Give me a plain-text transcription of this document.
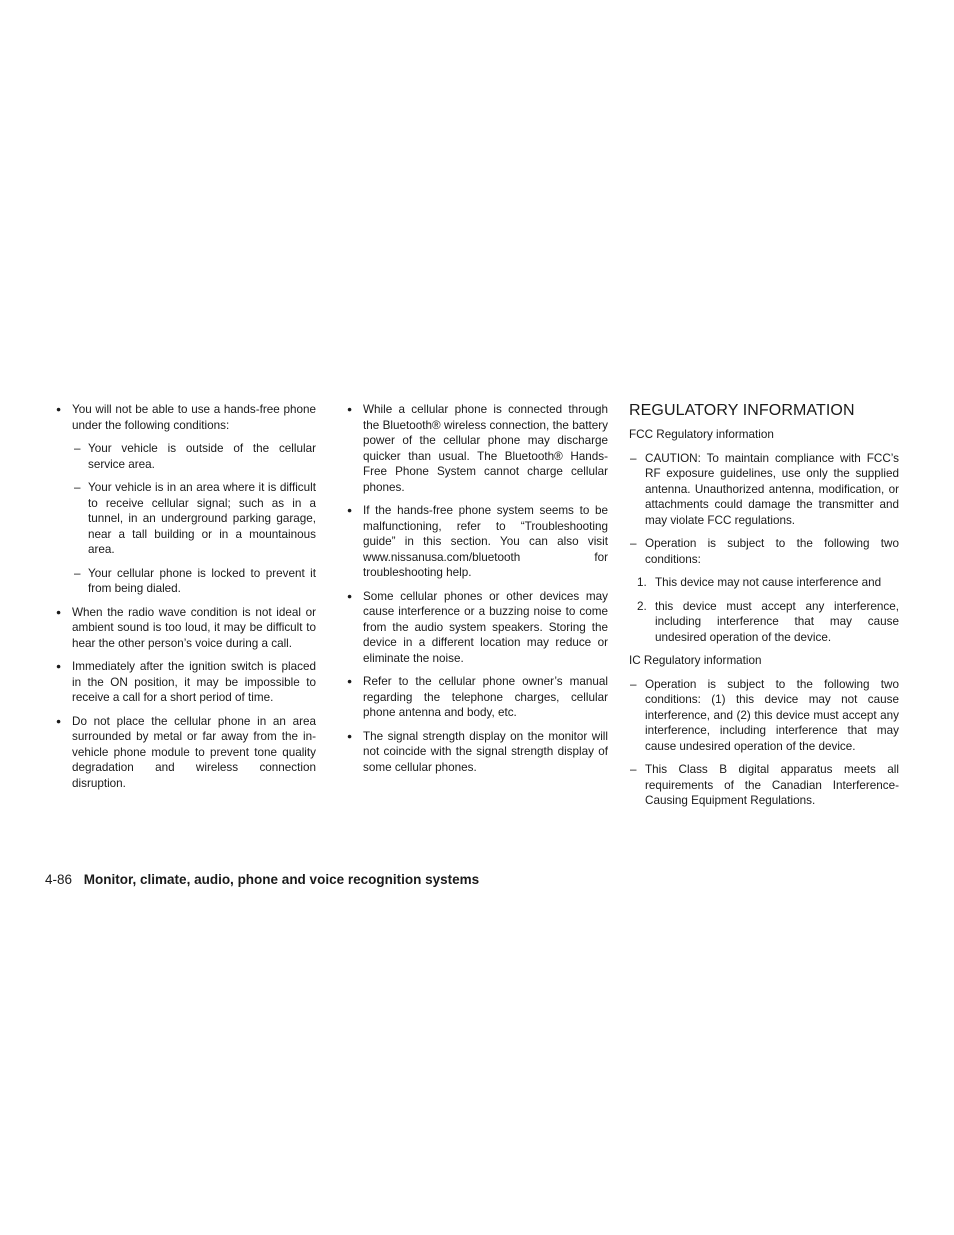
● You will not be able to use a hands-free phone under the following conditions:
– Your vehicle is outside of the cellular service area.
– Your vehicle is in an area where it is difficult to receive cellular signal; such as in a tunnel, in an underground parking garage, near a tall building or in a mountainous area.
– Your cellular phone is locked to prevent it from being dialed.
● When the radio wave condition is not ideal or ambient sound is too loud, it may be difficult to hear the other person’s voice during a call.
● Immediately after the ignition switch is placed in the ON position, it may be impossible to receive a call for a short period of time.
● Do not place the cellular phone in an area surrounded by metal or far away from the in-vehicle phone module to prevent tone quality degradation and wireless connection disruption.
● While a cellular phone is connected through the Bluetooth® wireless connection, the battery power of the cellular phone may discharge quicker than usual. The Bluetooth® Hands-Free Phone System cannot charge cellular phones.
● If the hands-free phone system seems to be malfunctioning, refer to “Troubleshooting guide” in this section. You can also visit www.nissanusa.com/bluetooth for troubleshooting help.
● Some cellular phones or other devices may cause interference or a buzzing noise to come from the audio system speakers. Storing the device in a different location may reduce or eliminate the noise.
● Refer to the cellular phone owner’s manual regarding the telephone charges, cellular phone antenna and body, etc.
● The signal strength display on the monitor will not coincide with the signal strength display of some cellular phones.
REGULATORY INFORMATION
FCC Regulatory information
– CAUTION: To maintain compliance with FCC’s RF exposure guidelines, use only the supplied antenna. Unauthorized antenna, modification, or attachments could damage the transmitter and may violate FCC regulations.
– Operation is subject to the following two conditions:
1. This device may not cause interference and
2. this device must accept any interference, including interference that may cause undesired operation of the device.
IC Regulatory information
– Operation is subject to the following two conditions: (1) this device may not cause interference, and (2) this device must accept any interference, including interference that may cause undesired operation of the device.
– This Class B digital apparatus meets all requirements of the Canadian Interference-Causing Equipment Regulations.
4-86 Monitor, climate, audio, phone and voice recognition systems
